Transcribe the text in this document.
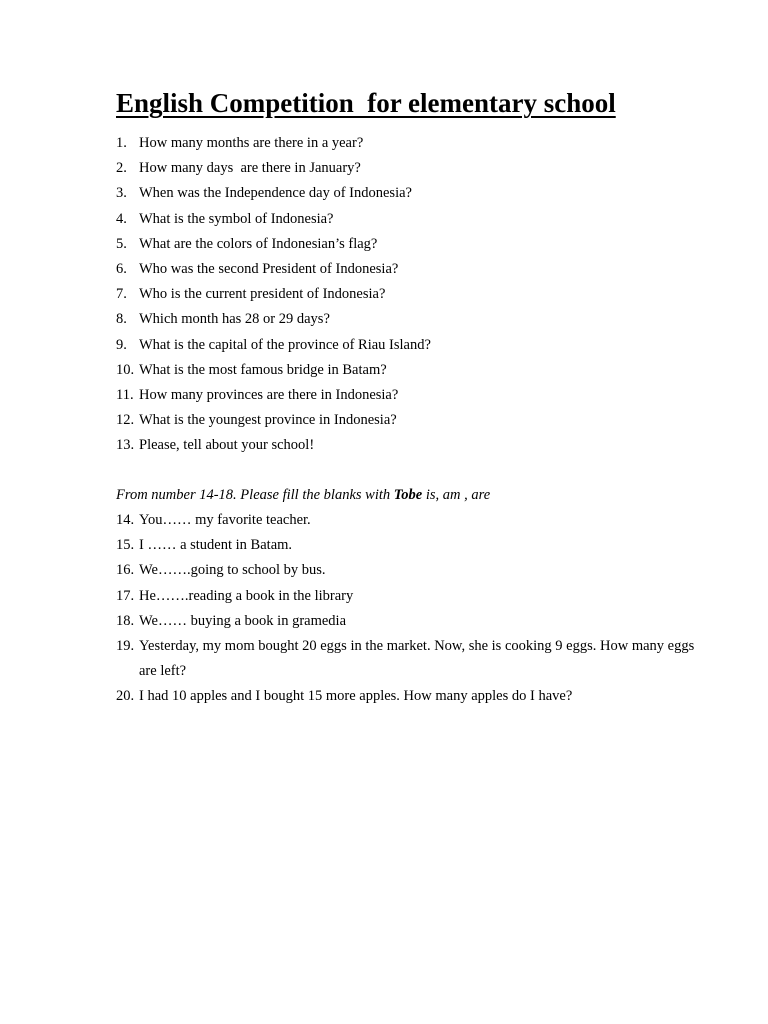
English Competition  for elementary school
1. How many months are there in a year?
2. How many days  are there in January?
3. When was the Independence day of Indonesia?
4. What is the symbol of Indonesia?
5. What are the colors of Indonesian’s flag?
6. Who was the second President of Indonesia?
7. Who is the current president of Indonesia?
8. Which month has 28 or 29 days?
9. What is the capital of the province of Riau Island?
10. What is the most famous bridge in Batam?
11. How many provinces are there in Indonesia?
12. What is the youngest province in Indonesia?
13. Please, tell about your school!

From number 14-18. Please fill the blanks with Tobe is, am , are

14. You…… my favorite teacher.
15. I …… a student in Batam.
16. We…….going to school by bus.
17. He…….reading a book in the library
18. We…… buying a book in gramedia
19. Yesterday, my mom bought 20 eggs in the market. Now, she is cooking 9 eggs. How many eggs are left?
20. I had 10 apples and I bought 15 more apples. How many apples do I have?
